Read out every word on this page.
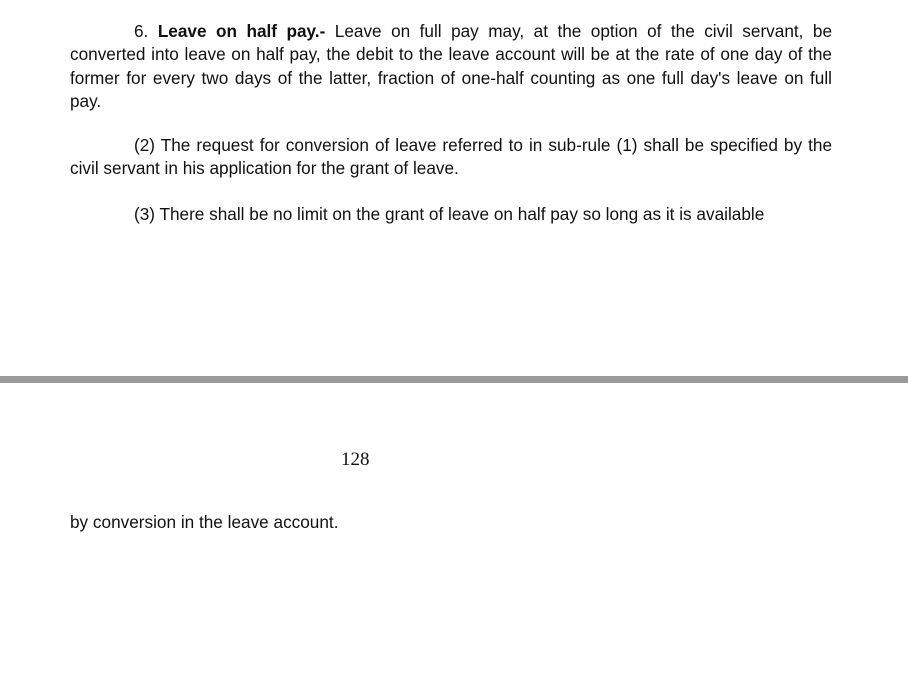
6. Leave on half pay.- Leave on full pay may, at the option of the civil servant, be converted into leave on half pay, the debit to the leave account will be at the rate of one day of the former for every two days of the latter, fraction of one-half counting as one full day's leave on full pay.

(2) The request for conversion of leave referred to in sub-rule (1) shall be specified by the civil servant in his application for the grant of leave.

(3) There shall be no limit on the grant of leave on half pay so long as it is available

128

by conversion in the leave account.
